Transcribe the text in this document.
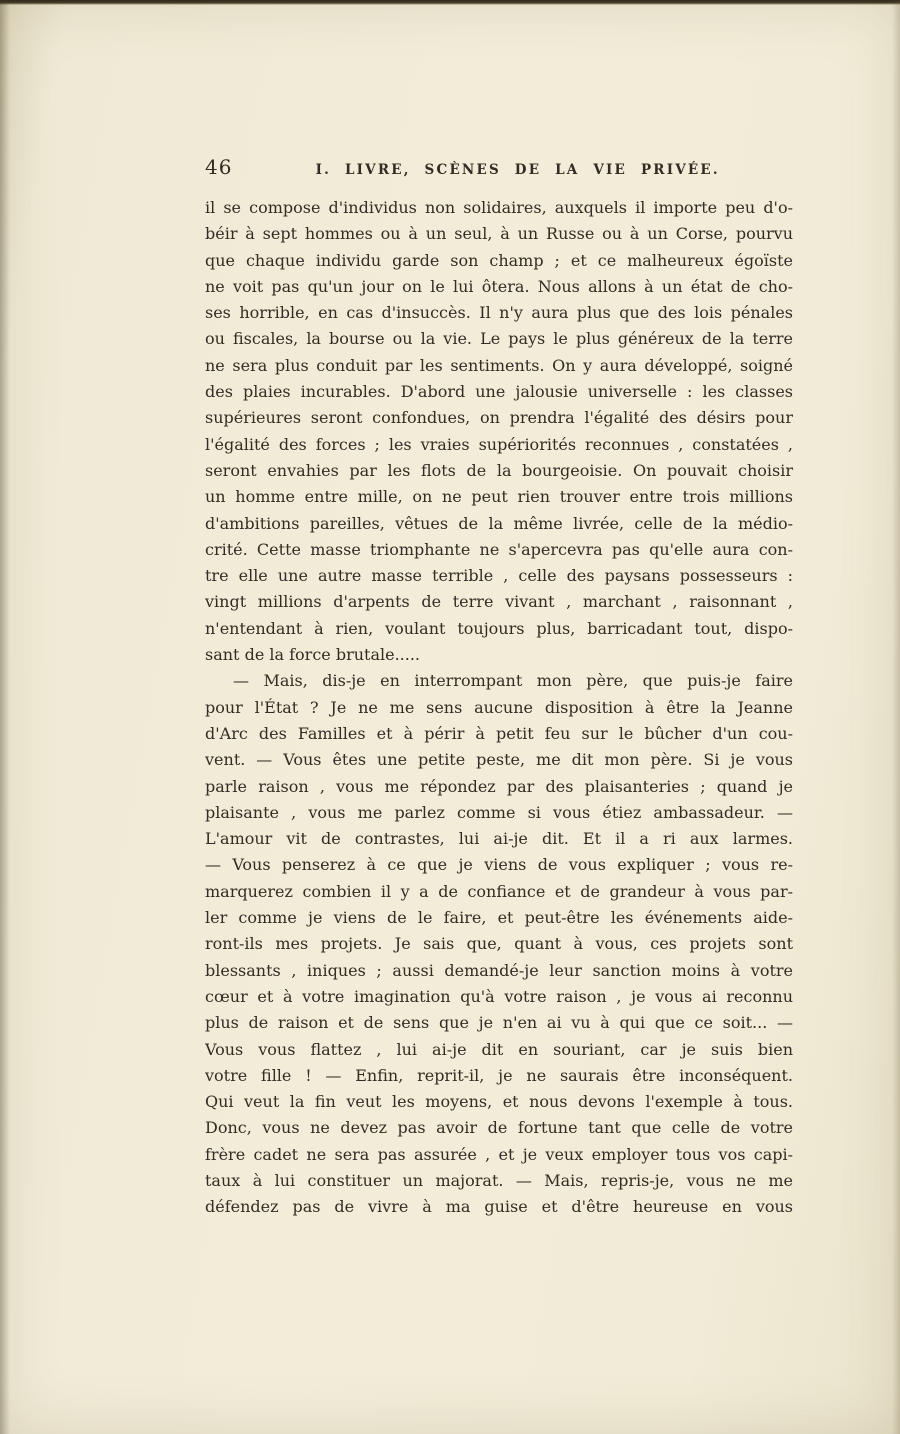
46	I. LIVRE, SCÈNES DE LA VIE PRIVÉE.
il se compose d'individus non solidaires, auxquels il importe peu d'o-
béir à sept hommes ou à un seul, à un Russe ou à un Corse, pourvu
que chaque individu garde son champ ; et ce malheureux égoïste
ne voit pas qu'un jour on le lui ôtera. Nous allons à un état de cho-
ses horrible, en cas d'insuccès. Il n'y aura plus que des lois pénales
ou fiscales, la bourse ou la vie. Le pays le plus généreux de la terre
ne sera plus conduit par les sentiments. On y aura développé, soigné
des plaies incurables. D'abord une jalousie universelle : les classes
supérieures seront confondues, on prendra l'égalité des désirs pour
l'égalité des forces ; les vraies supériorités reconnues , constatées ,
seront envahies par les flots de la bourgeoisie. On pouvait choisir
un homme entre mille, on ne peut rien trouver entre trois millions
d'ambitions pareilles, vêtues de la même livrée, celle de la médio-
crité. Cette masse triomphante ne s'apercevra pas qu'elle aura con-
tre elle une autre masse terrible , celle des paysans possesseurs :
vingt millions d'arpents de terre vivant , marchant , raisonnant ,
n'entendant à rien, voulant toujours plus, barricadant tout, dispo-
sant de la force brutale.....
— Mais, dis-je en interrompant mon père, que puis-je faire
pour l'État ? Je ne me sens aucune disposition à être la Jeanne
d'Arc des Familles et à périr à petit feu sur le bûcher d'un cou-
vent. — Vous êtes une petite peste, me dit mon père. Si je vous
parle raison , vous me répondez par des plaisanteries ; quand je
plaisante , vous me parlez comme si vous étiez ambassadeur. —
L'amour vit de contrastes, lui ai-je dit. Et il a ri aux larmes.
— Vous penserez à ce que je viens de vous expliquer ; vous re-
marquerez combien il y a de confiance et de grandeur à vous par-
ler comme je viens de le faire, et peut-être les événements aide-
ront-ils mes projets. Je sais que, quant à vous, ces projets sont
blessants , iniques ; aussi demandé-je leur sanction moins à votre
cœur et à votre imagination qu'à votre raison , je vous ai reconnu
plus de raison et de sens que je n'en ai vu à qui que ce soit... —
Vous vous flattez , lui ai-je dit en souriant, car je suis bien
votre fille ! — Enfin, reprit-il, je ne saurais être inconséquent.
Qui veut la fin veut les moyens, et nous devons l'exemple à tous.
Donc, vous ne devez pas avoir de fortune tant que celle de votre
frère cadet ne sera pas assurée , et je veux employer tous vos capi-
taux à lui constituer un majorat. — Mais, repris-je, vous ne me
défendez pas de vivre à ma guise et d'être heureuse en vous
